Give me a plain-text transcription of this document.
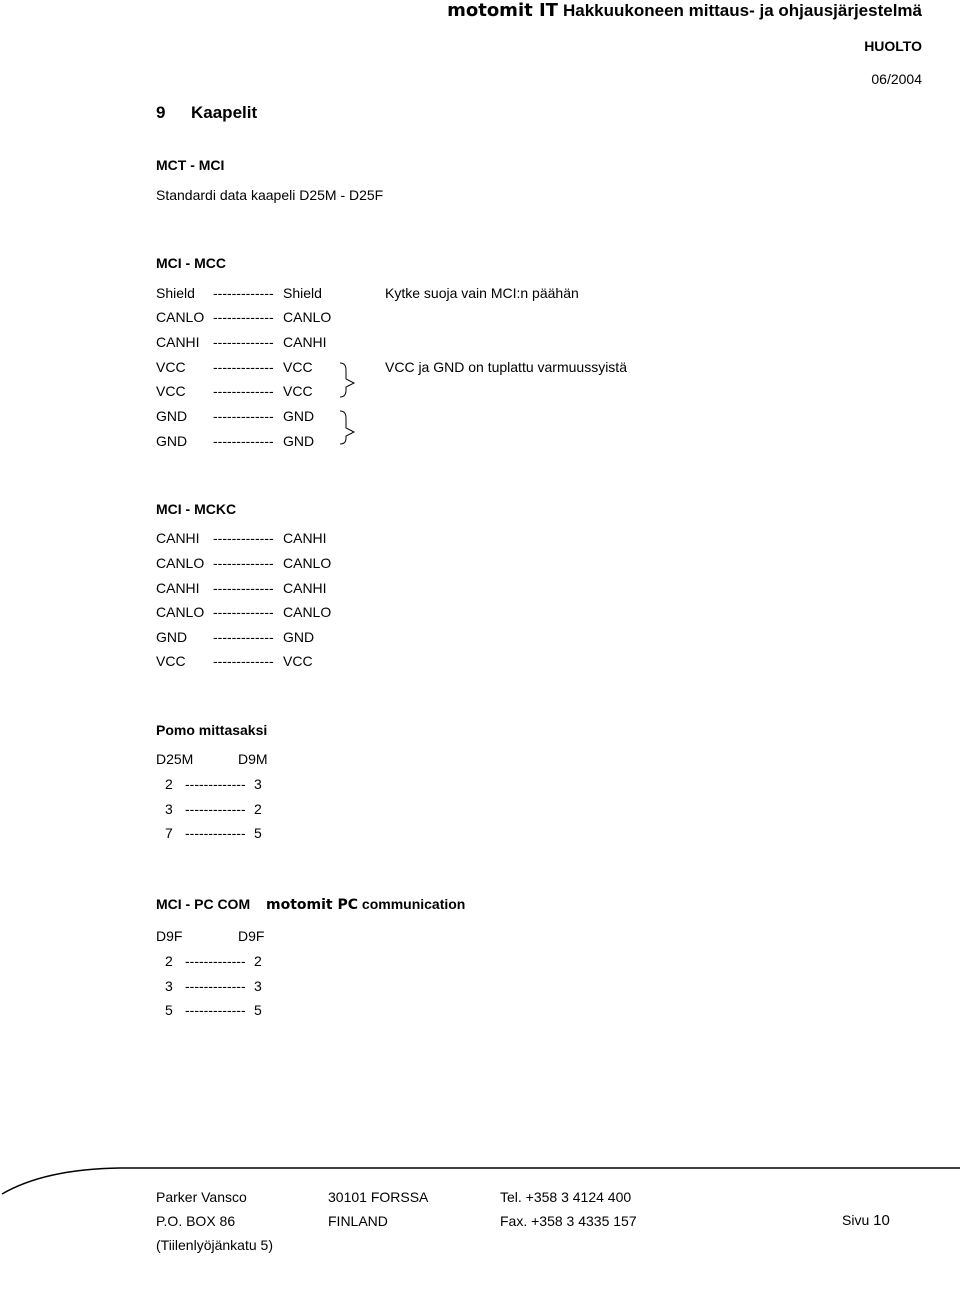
motomit IT Hakkuukoneen mittaus- ja ohjausjärjestelmä
HUOLTO
06/2004
9 Kaapelit
MCT - MCI
Standardi data kaapeli D25M - D25F
MCI - MCC
Shield ------------- Shield
CANLO ------------- CANLO
CANHI ------------- CANHI
VCC ------------- VCC
VCC ------------- VCC
GND ------------- GND
GND ------------- GND
Kytke suoja vain MCI:n päähän
VCC ja GND on tuplattu varmuussyistä
MCI - MCKC
CANHI ------------- CANHI
CANLO ------------- CANLO
CANHI ------------- CANHI
CANLO ------------- CANLO
GND ------------- GND
VCC ------------- VCC
Pomo mittasaksi
D25M	D9M
2 ------------- 3
3 ------------- 2
7 ------------- 5
MCI - PC COM motomit PC communication
D9F	D9F
2 ------------- 2
3 ------------- 3
5 ------------- 5
Parker Vansco	30101 FORSSA	Tel. +358 3 4124 400
P.O. BOX 86	FINLAND	Fax. +358 3 4335 157	Sivu 10
(Tiilenlyöjänkatu 5)
